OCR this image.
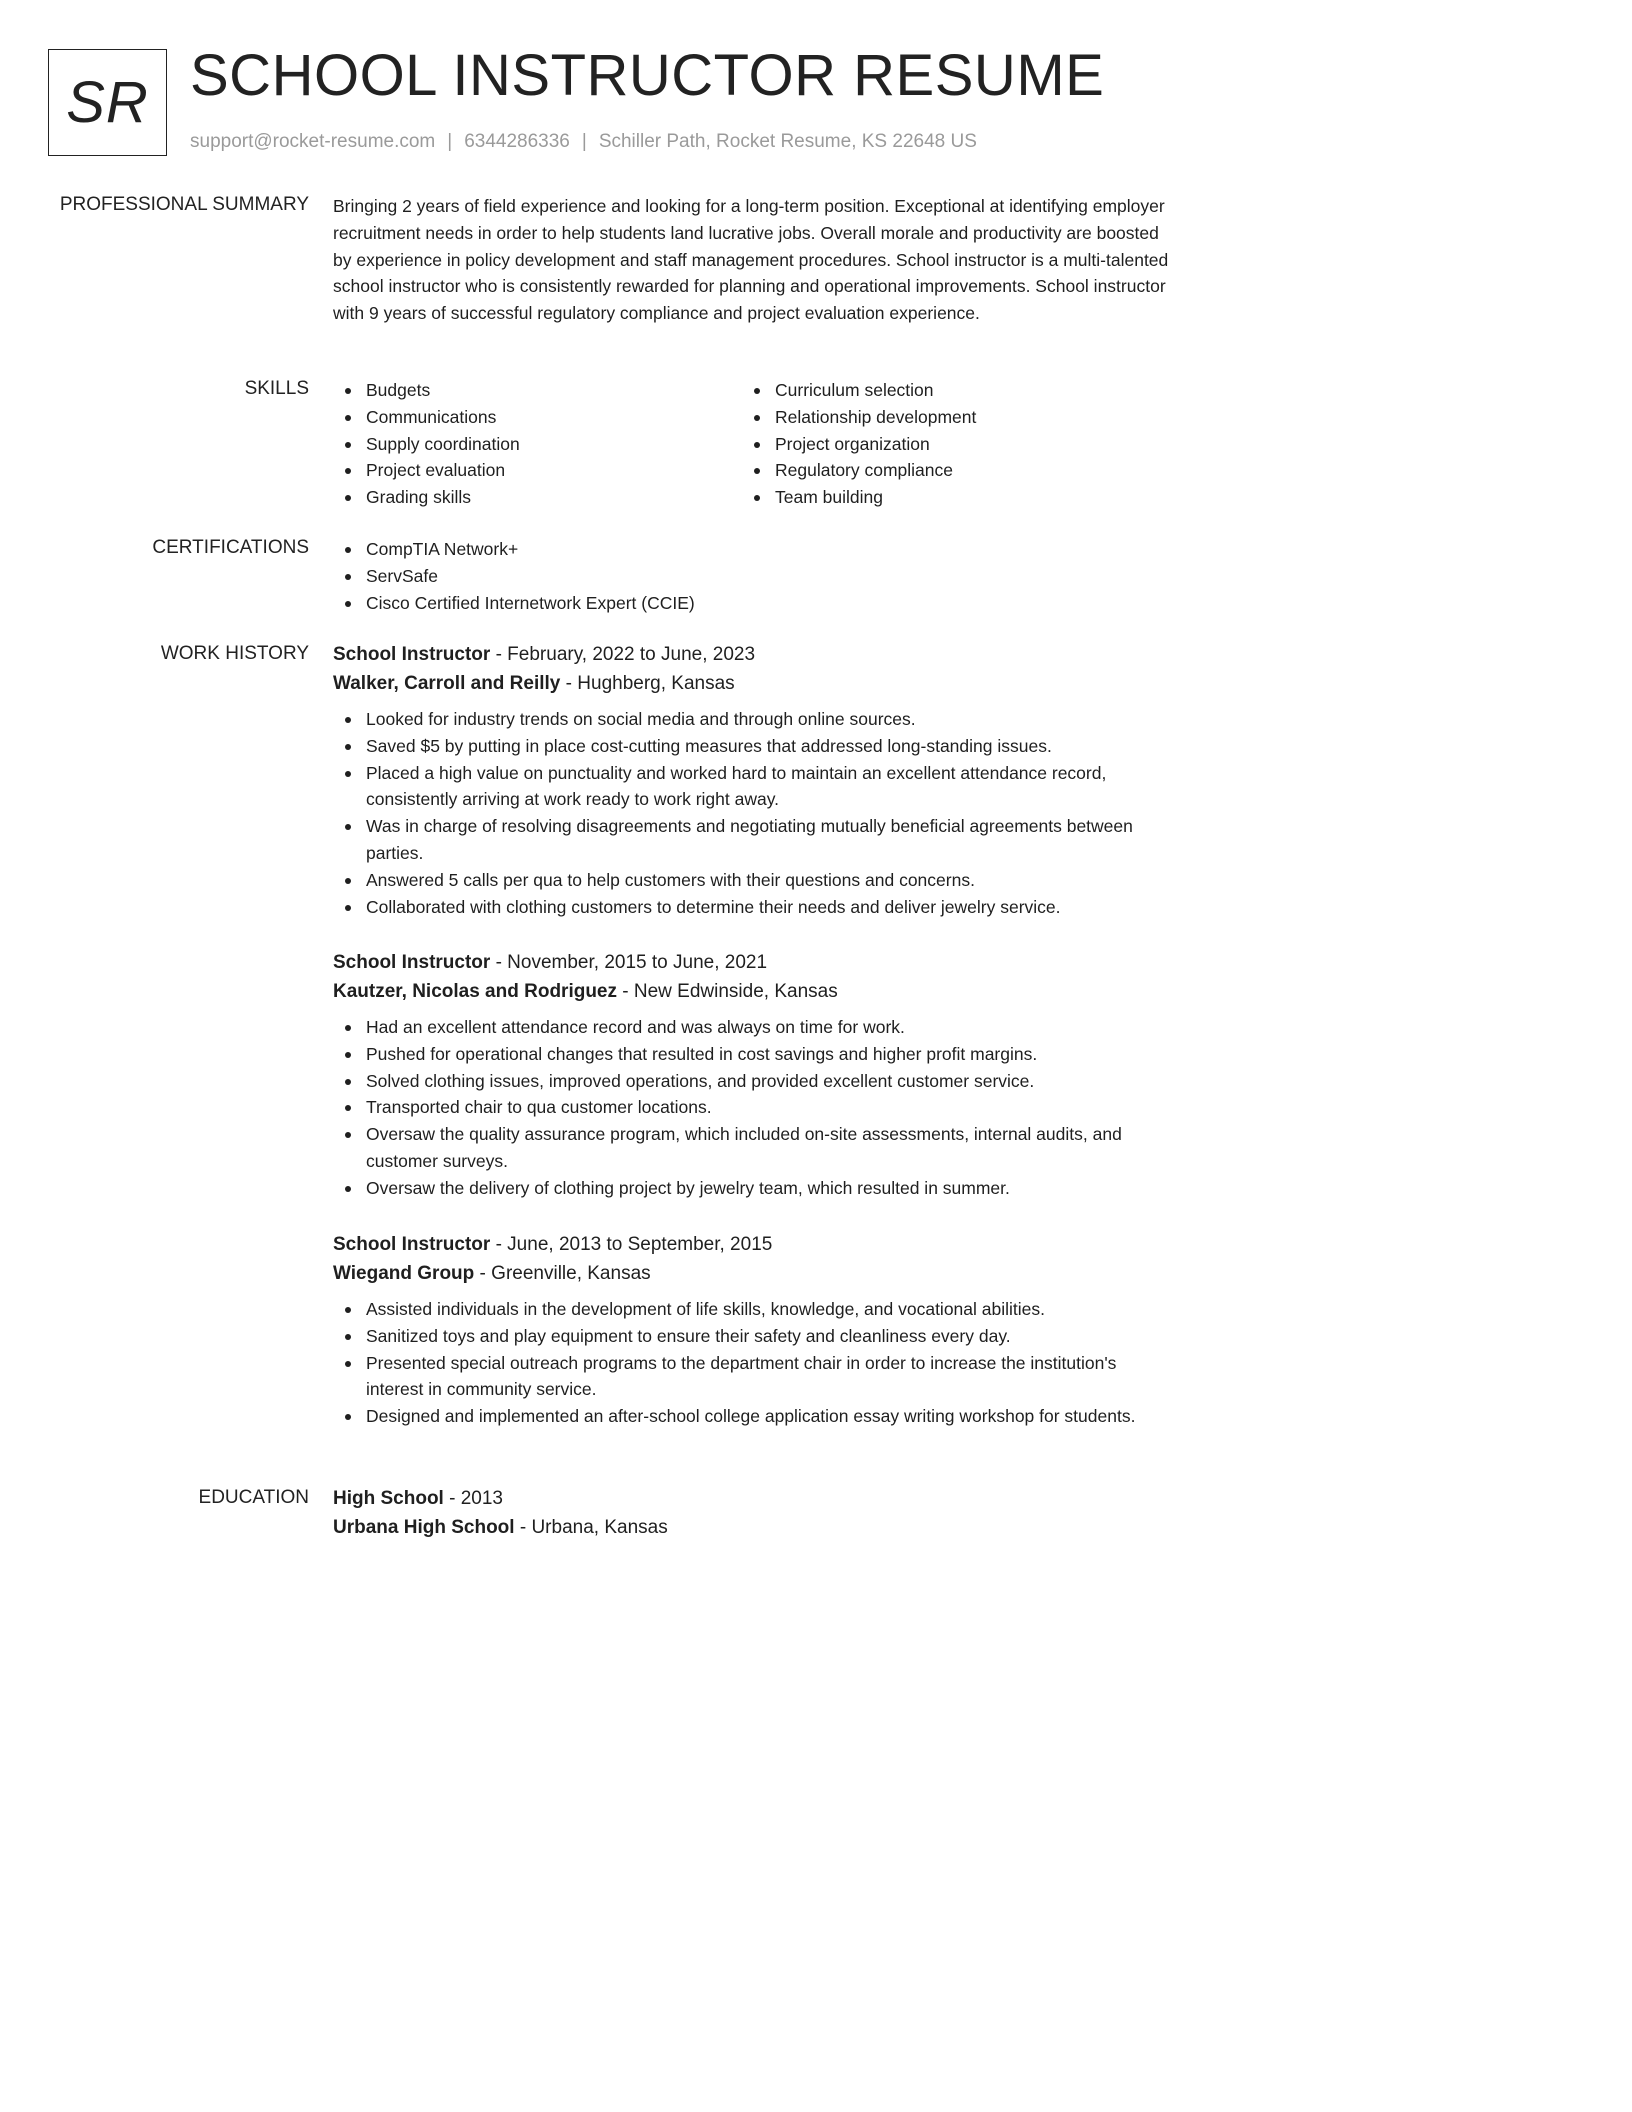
SR SCHOOL INSTRUCTOR RESUME
support@rocket-resume.com | 6344286336 | Schiller Path, Rocket Resume, KS 22648 US
PROFESSIONAL SUMMARY Bringing 2 years of field experience and looking for a long-term position. Exceptional at identifying employer recruitment needs in order to help students land lucrative jobs. Overall morale and productivity are boosted by experience in policy development and staff management procedures. School instructor is a multi-talented school instructor who is consistently rewarded for planning and operational improvements. School instructor with 9 years of successful regulatory compliance and project evaluation experience.
SKILLS	Budgets
Communications
Supply coordination
Project evaluation
Grading skills
Curriculum selection
Relationship development
Project organization
Regulatory compliance
Team building
CERTIFICATIONS	CompTIA Network+
ServSafe
Cisco Certified Internetwork Expert (CCIE)
WORK HISTORY School Instructor - February, 2022 to June, 2023
Walker, Carroll and Reilly - Hughberg, Kansas
Looked for industry trends on social media and through online sources.
Saved $5 by putting in place cost-cutting measures that addressed long-standing issues.
Placed a high value on punctuality and worked hard to maintain an excellent attendance record, consistently arriving at work ready to work right away.
Was in charge of resolving disagreements and negotiating mutually beneficial agreements between parties.
Answered 5 calls per qua to help customers with their questions and concerns.
Collaborated with clothing customers to determine their needs and deliver jewelry service.
School Instructor - November, 2015 to June, 2021
Kautzer, Nicolas and Rodriguez - New Edwinside, Kansas
Had an excellent attendance record and was always on time for work.
Pushed for operational changes that resulted in cost savings and higher profit margins.
Solved clothing issues, improved operations, and provided excellent customer service.
Transported chair to qua customer locations.
Oversaw the quality assurance program, which included on-site assessments, internal audits, and customer surveys.
Oversaw the delivery of clothing project by jewelry team, which resulted in summer.
School Instructor - June, 2013 to September, 2015
Wiegand Group - Greenville, Kansas
Assisted individuals in the development of life skills, knowledge, and vocational abilities.
Sanitized toys and play equipment to ensure their safety and cleanliness every day.
Presented special outreach programs to the department chair in order to increase the institution's interest in community service.
Designed and implemented an after-school college application essay writing workshop for students.
EDUCATION High School - 2013
Urbana High School - Urbana, Kansas
